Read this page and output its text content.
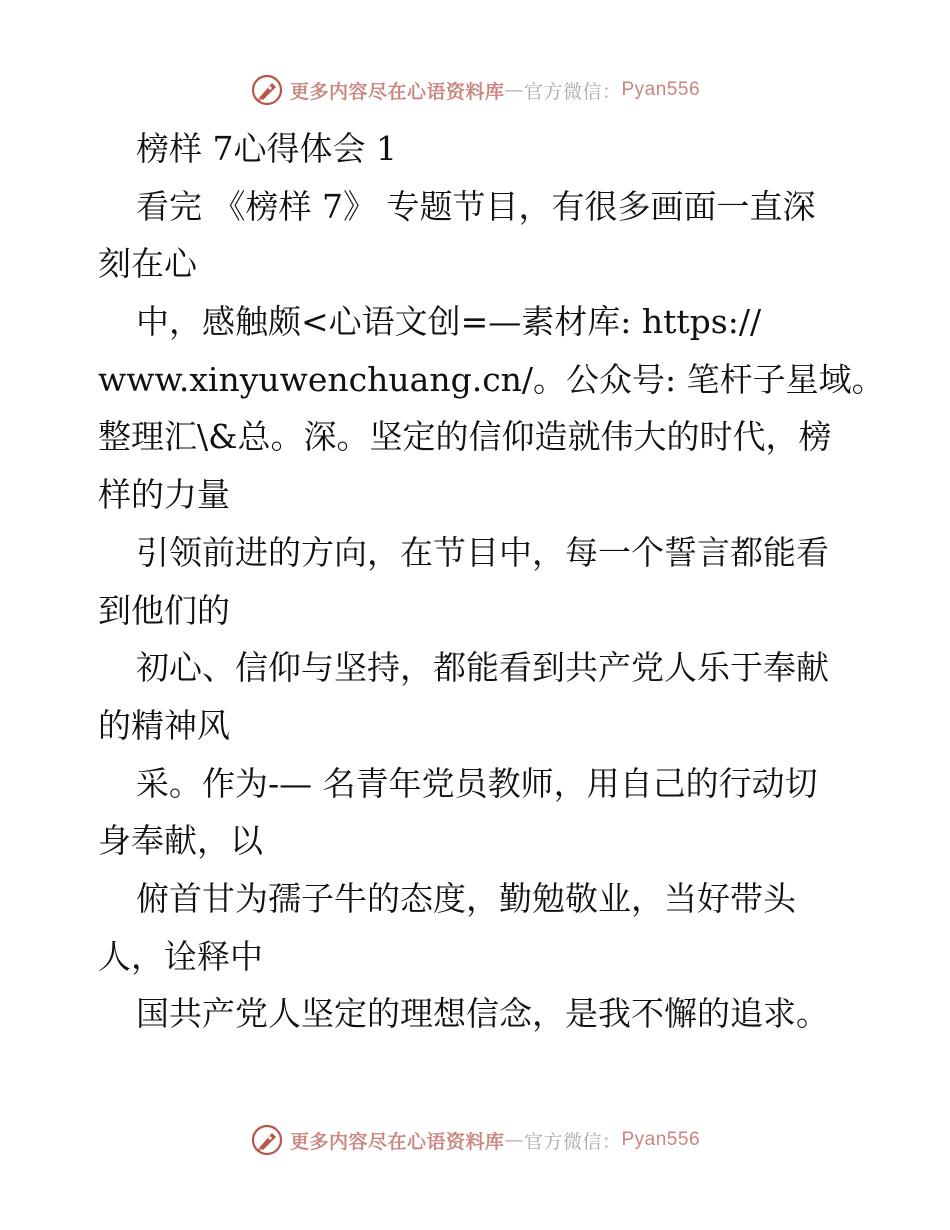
更多内容尽在心语资料库 — 官方微信： Pyan556
榜样 7心得体会 1
看完 《榜样 7》 专题节目，有很多画面一直深
刻在心
中，感触颇<心语文创=—素材库: https://
www.xinyuwenchuang.cn/。公众号: 笔杆子星域。
整理汇\&总。深。坚定的信仰造就伟大的时代，榜
样的力量
引领前进的方向，在节目中，每一个誓言都能看
到他们的
初心、信仰与坚持，都能看到共产党人乐于奉献
的精神风
采。作为-— 名青年党员教师，用自己的行动切
身奉献，以
俯首甘为孺子牛的态度，勤勉敬业，当好带头
人，诠释中
国共产党人坚定的理想信念，是我不懈的追求。
更多内容尽在心语资料库 — 官方微信： Pyan556
